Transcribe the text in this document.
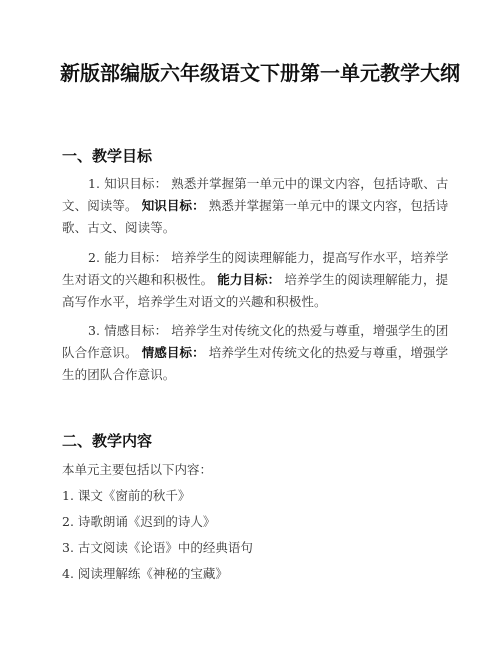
新版部编版六年级语文下册第一单元教学大纲
一、教学目标

1. 知识目标： 熟悉并掌握第一单元中的课文内容，包括诗歌、古文、阅读等。 知识目标： 熟悉并掌握第一单元中的课文内容，包括诗歌、古文、阅读等。

2. 能力目标： 培养学生的阅读理解能力，提高写作水平，培养学生对语文的兴趣和积极性。 能力目标： 培养学生的阅读理解能力，提高写作水平，培养学生对语文的兴趣和积极性。

3. 情感目标： 培养学生对传统文化的热爱与尊重，增强学生的团队合作意识。 情感目标： 培养学生对传统文化的热爱与尊重，增强学生的团队合作意识。

二、教学内容

本单元主要包括以下内容：

1. 课文《窗前的秋千》

2. 诗歌朗诵《迟到的诗人》

3. 古文阅读《论语》中的经典语句

4. 阅读理解练《神秘的宝藏》
